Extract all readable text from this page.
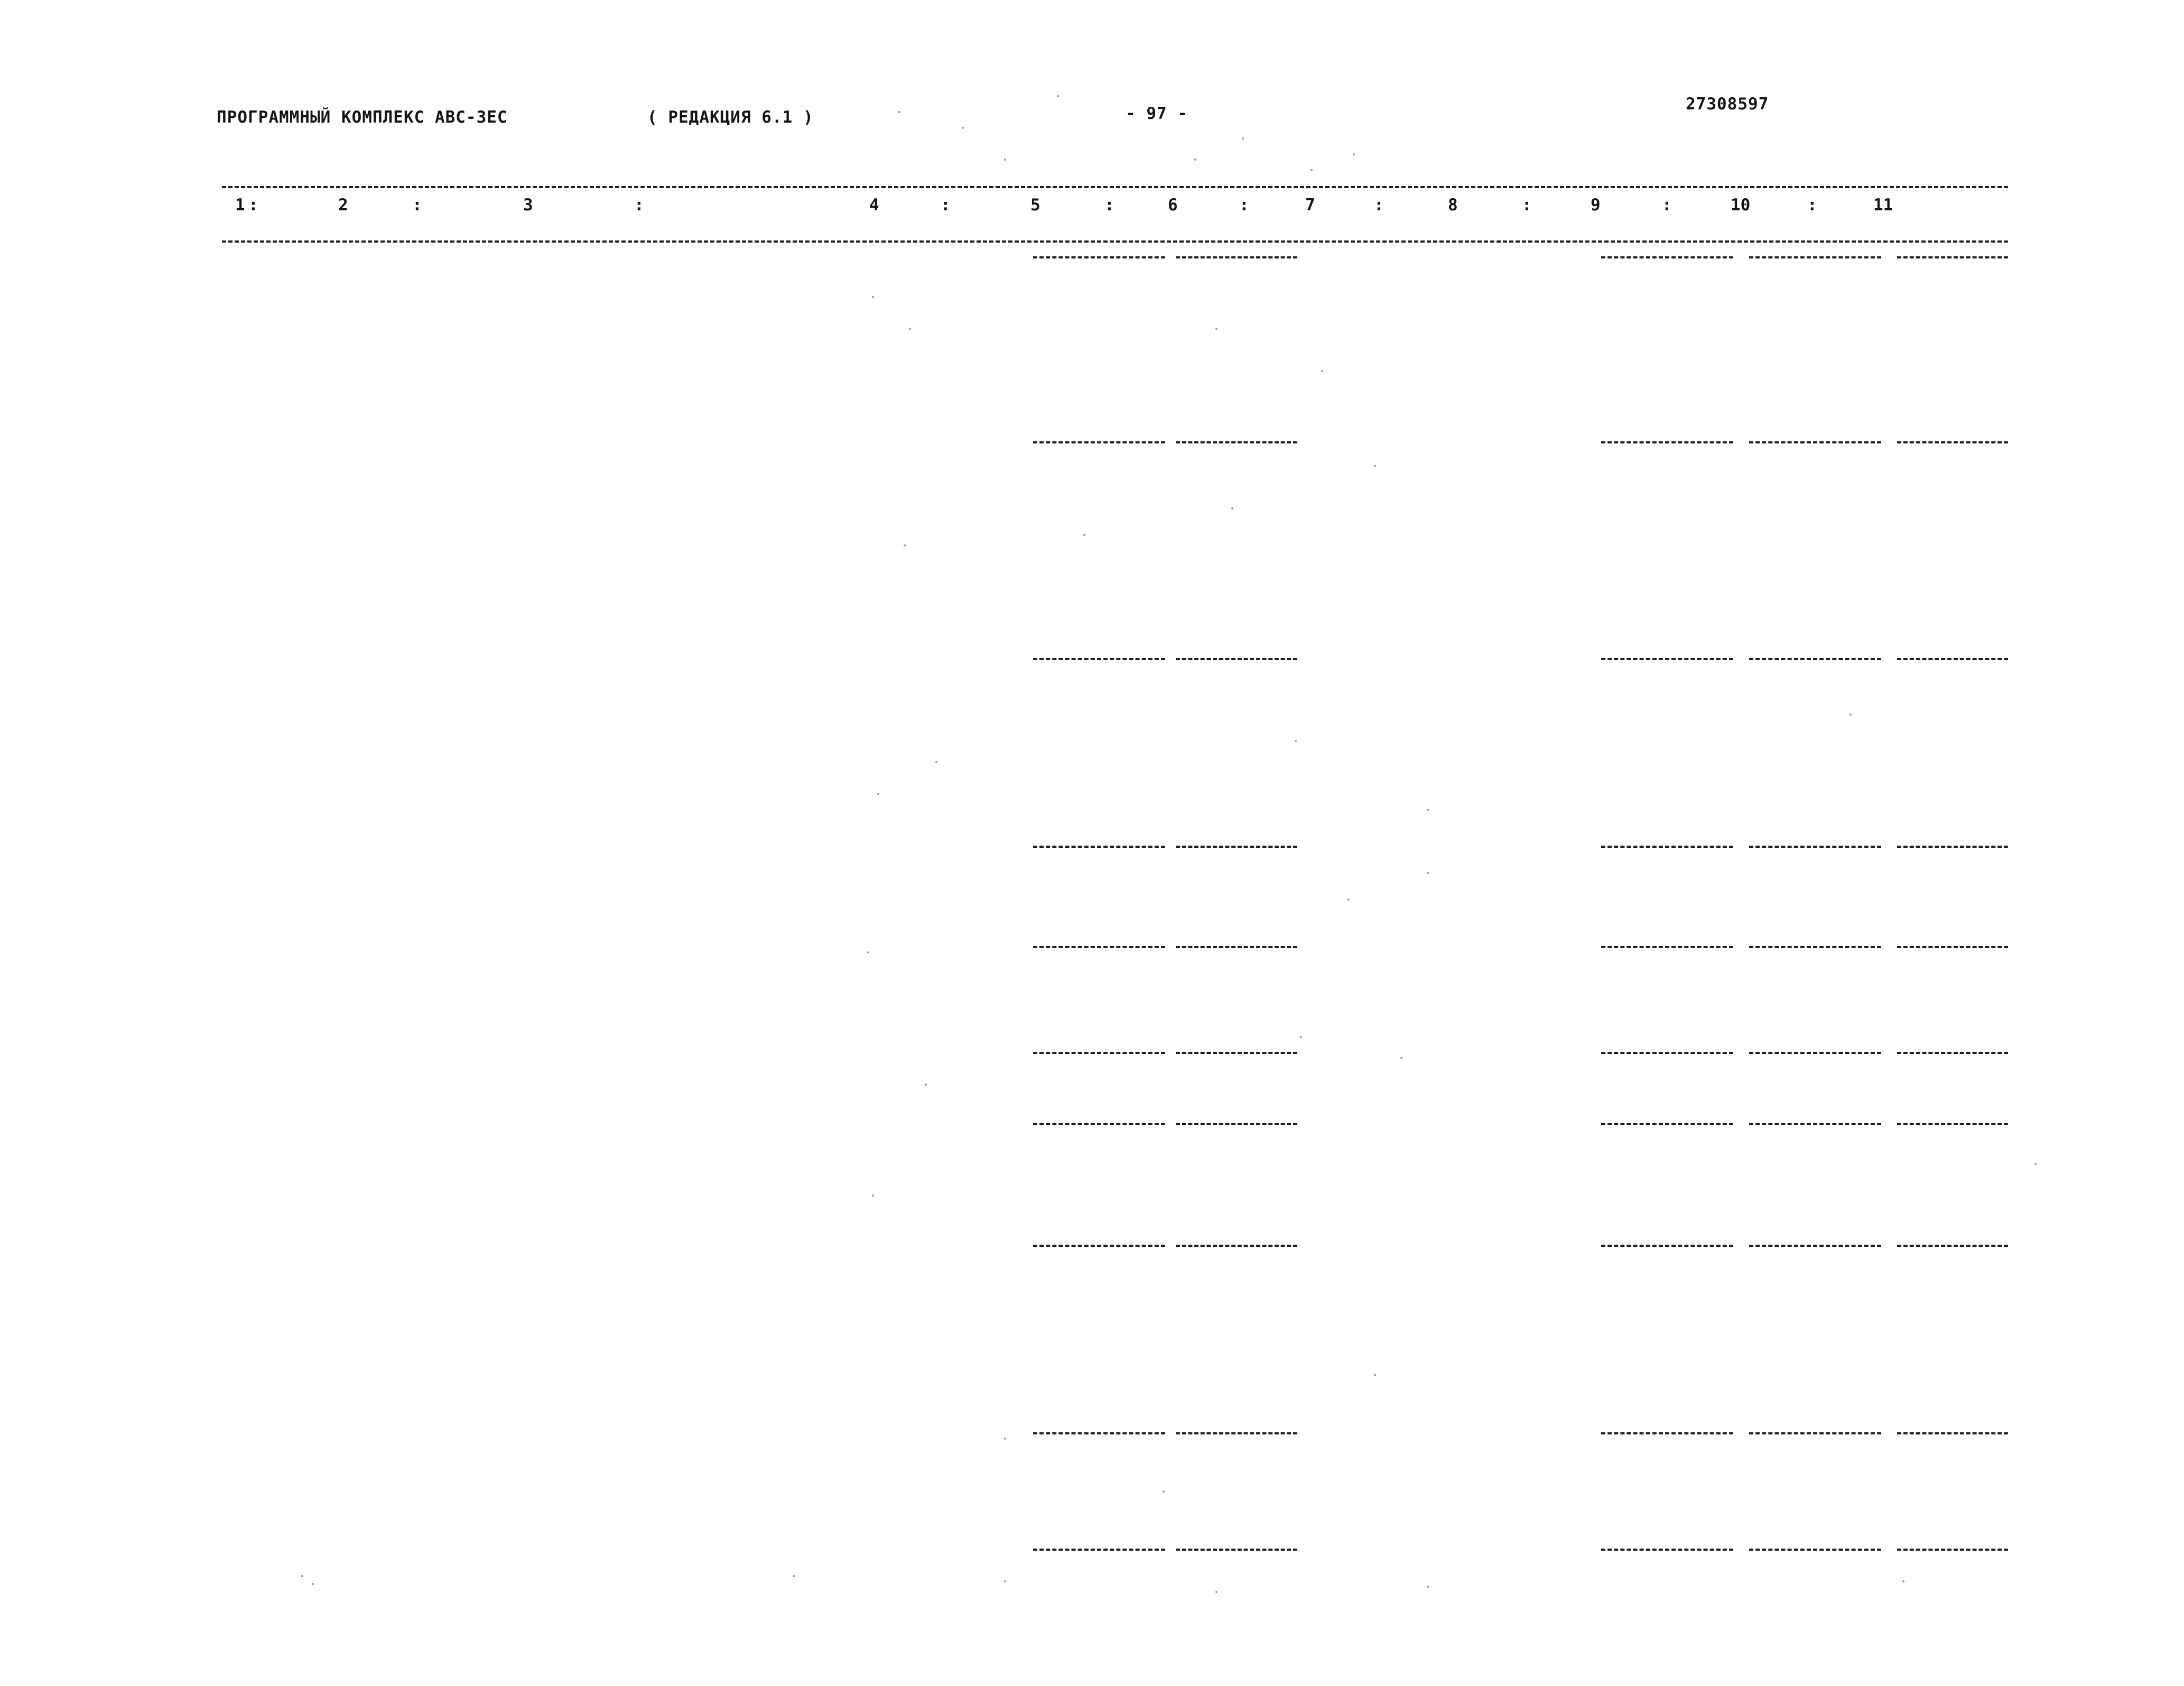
ПРОГРАММНЫЙ КОМПЛЕКС АВС-ЗЕС	( РЕДАКЦИЯ 6.1 )	- 97 -	27308597
1 :	2	:	3	:	4	:	5	:	6	:	7	:	8	:	9	:	10	:	11
